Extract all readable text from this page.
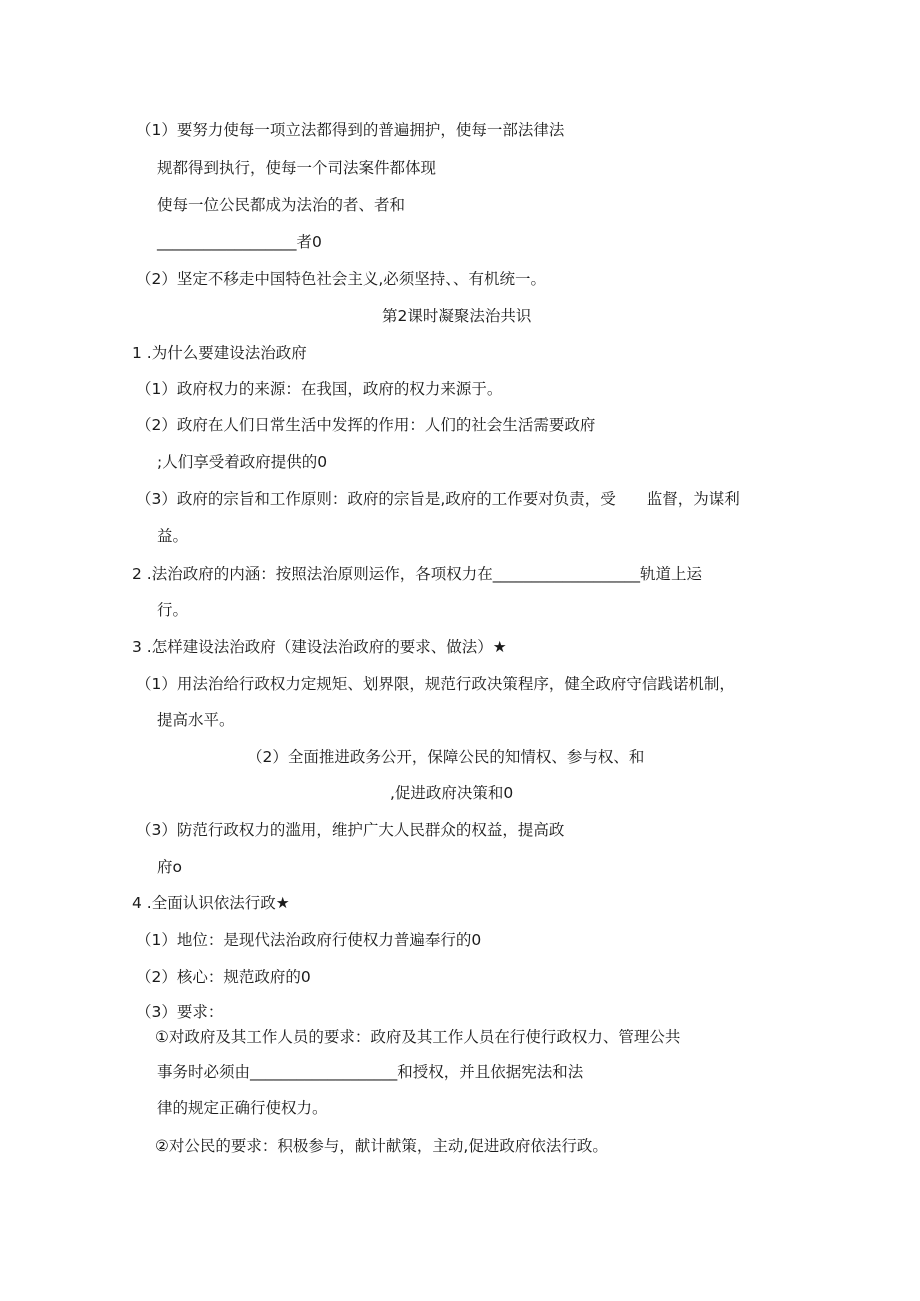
（1）要努力使每一项立法都得到的普遍拥护，使每一部法律法
规都得到执行，使每一个司法案件都体现
使每一位公民都成为法治的者、者和
__________________者0
（2）坚定不移走中国特色社会主义,必须坚持、、有机统一。
第2课时凝聚法治共识
1 .为什么要建设法治政府
（1）政府权力的来源：在我国，政府的权力来源于。
（2）政府在人们日常生活中发挥的作用：人们的社会生活需要政府
;人们享受着政府提供的0
（3）政府的宗旨和工作原则：政府的宗旨是,政府的工作要对负责，受　　监督，为谋利
益。
2 .法治政府的内涵：按照法治原则运作，各项权力在___________________轨道上运
行。
3 .怎样建设法治政府（建设法治政府的要求、做法）★
（1）用法治给行政权力定规矩、划界限，规范行政决策程序，健全政府守信践诺机制，
提高水平。
（2）全面推进政务公开，保障公民的知情权、参与权、和
,促进政府决策和0
（3）防范行政权力的滥用，维护广大人民群众的权益，提高政
府o
4 .全面认识依法行政★
（1）地位：是现代法治政府行使权力普遍奉行的0
（2）核心：规范政府的0
（3）要求：
①对政府及其工作人员的要求：政府及其工作人员在行使行政权力、管理公共
事务时必须由___________________和授权，并且依据宪法和法
律的规定正确行使权力。
②对公民的要求：积极参与，献计献策，主动,促进政府依法行政。
